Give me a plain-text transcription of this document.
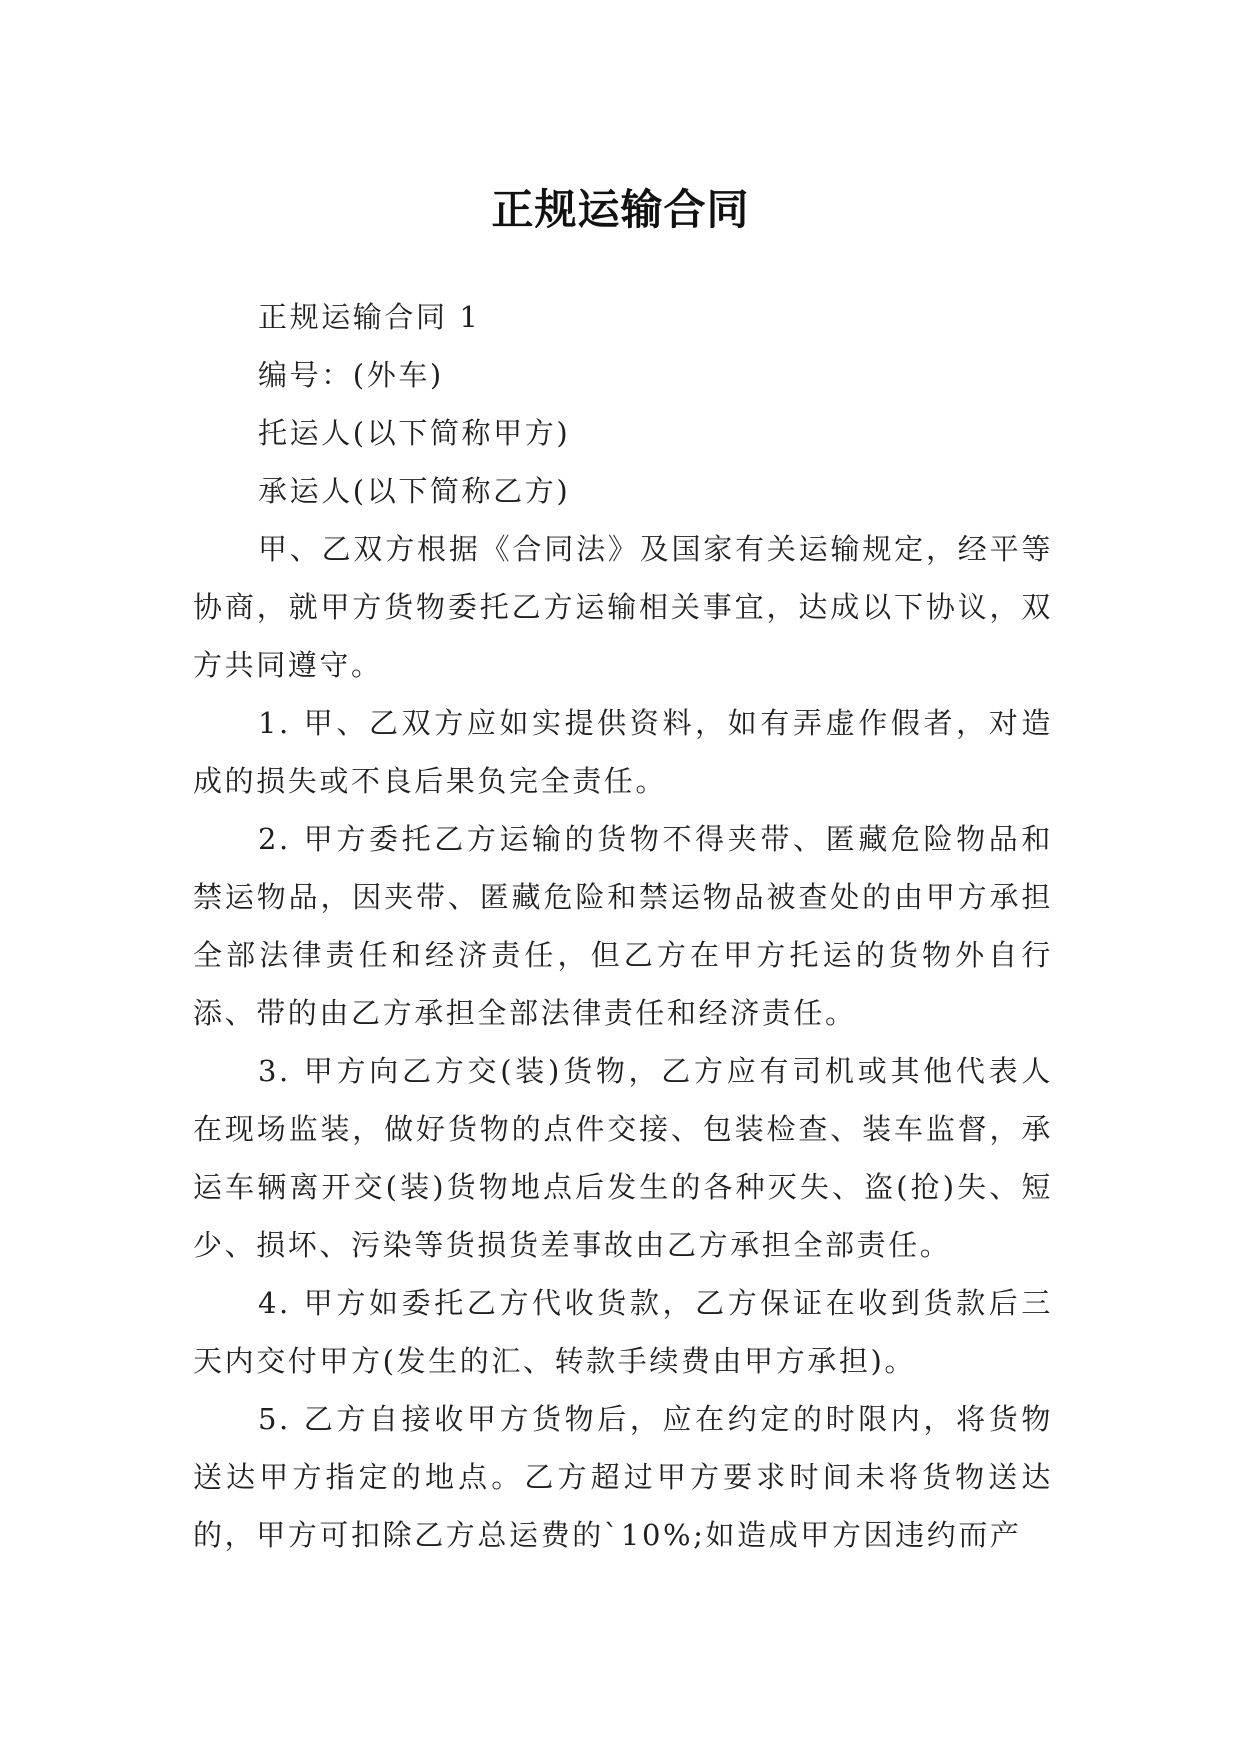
正规运输合同

正规运输合同 1

编号：(外车)

托运人(以下简称甲方)

承运人(以下简称乙方)

甲、乙双方根据《合同法》及国家有关运输规定，经平等协商，就甲方货物委托乙方运输相关事宜，达成以下协议，双方共同遵守。

1. 甲、乙双方应如实提供资料，如有弄虚作假者，对造成的损失或不良后果负完全责任。

2. 甲方委托乙方运输的货物不得夹带、匿藏危险物品和禁运物品，因夹带、匿藏危险和禁运物品被查处的由甲方承担全部法律责任和经济责任，但乙方在甲方托运的货物外自行添、带的由乙方承担全部法律责任和经济责任。

3. 甲方向乙方交(装)货物，乙方应有司机或其他代表人在现场监装，做好货物的点件交接、包装检查、装车监督，承运车辆离开交(装)货物地点后发生的各种灭失、盗(抢)失、短少、损坏、污染等货损货差事故由乙方承担全部责任。

4. 甲方如委托乙方代收货款，乙方保证在收到货款后三天内交付甲方(发生的汇、转款手续费由甲方承担)。

5. 乙方自接收甲方货物后，应在约定的时限内，将货物送达甲方指定的地点。乙方超过甲方要求时间未将货物送达的，甲方可扣除乙方总运费的`10%;如造成甲方因违约而产
